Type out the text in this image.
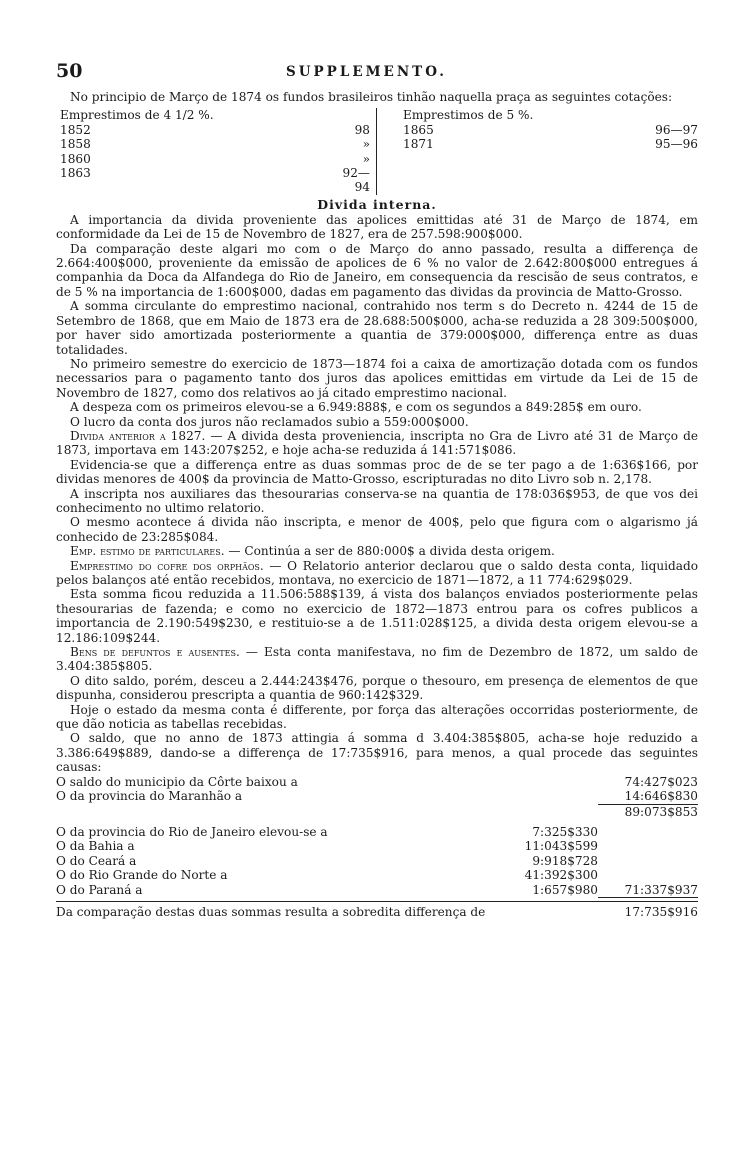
50	SUPPLEMENTO.

No principio de Março de 1874 os fundos brasileiros tinhão naquella praça as seguintes cotações:

Emprestimos de 4 1/2 %.
1852	98
1858	»
1860	»
1863	92—94
Emprestimos de 5 %.
1865	96—97
1871	95—96
Divida interna.

A importancia da divida proveniente das apolices emittidas até 31 de Março de 1874, em conformidade da Lei de 15 de Novembro de 1827, era de 257.598:900$000.

Da comparação deste algari mo com o de Março do anno passado, resulta a differença de 2.664:400$000, proveniente da emissão de apolices de 6 % no valor de 2.642:800$000 entregues á companhia da Doca da Alfandega do Rio de Janeiro, em consequencia da rescisão de seus contratos, e de 5 % na importancia de 1:600$000, dadas em pagamento das dividas da provincia de Matto-Grosso.

A somma circulante do emprestimo nacional, contrahido nos term s do Decreto n. 4244 de 15 de Setembro de 1868, que em Maio de 1873 era de 28.688:500$000, acha-se reduzida a 28 309:500$000, por haver sido amortizada posteriormente a quantia de 379:000$000, differença entre as duas totalidades.

No primeiro semestre do exercicio de 1873—1874 foi a caixa de amortização dotada com os fundos necessarios para o pagamento tanto dos juros das apolices emittidas em virtude da Lei de 15 de Novembro de 1827, como dos relativos ao já citado emprestimo nacional.

A despeza com os primeiros elevou-se a 6.949:888$, e com os segundos a 849:285$ em ouro.

O lucro da conta dos juros não reclamados subio a 559:000$000.

Divida anterior a 1827. — A divida desta proveniencia, inscripta no Gra de Livro até 31 de Março de 1873, importava em 143:207$252, e hoje acha-se reduzida á 141:571$086.

Evidencia-se que a differença entre as duas sommas proc de de se ter pago a de 1:636$166, por dividas menores de 400$ da provincia de Matto-Grosso, escripturadas no dito Livro sob n. 2,178.

A inscripta nos auxiliares das thesourarias conserva-se na quantia de 178:036$953, de que vos dei conhecimento no ultimo relatorio.

O mesmo acontece á divida não inscripta, e menor de 400$, pelo que figura com o algarismo já conhecido de 23:285$084.

Emp. estimo de particulares. — Continúa a ser de 880:000$ a divida desta origem.

Emprestimo do cofre dos orphãos. — O Relatorio anterior declarou que o saldo desta conta, liquidado pelos balanços até então recebidos, montava, no exercicio de 1871—1872, a 11 774:629$029.

Esta somma ficou reduzida a 11.506:588$139, á vista dos balanços enviados posteriormente pelas thesourarias de fazenda; e como no exercicio de 1872—1873 entrou para os cofres publicos a importancia de 2.190:549$230, e restituio-se a de 1.511:028$125, a divida desta origem elevou-se a 12.186:109$244.

Bens de defuntos e ausentes. — Esta conta manifestava, no fim de Dezembro de 1872, um saldo de 3.404:385$805.

O dito saldo, porém, desceu a 2.444:243$476, porque o thesouro, em presença de elementos de que dispunha, considerou prescripta a quantia de 960:142$329.

Hoje o estado da mesma conta é differente, por força das alterações occorridas posteriormente, de que dão noticia as tabellas recebidas.

O saldo, que no anno de 1873 attingia á somma d 3.404:385$805, acha-se hoje reduzido a 3.386:649$889, dando-se a differença de 17:735$916, para menos, a qual procede das seguintes causas:

O saldo do municipio da Côrte baixou a	74:427$023
O da provincia do Maranhão a	14:646$830
89:073$853
O da provincia do Rio de Janeiro elevou-se a	7:325$330
O da Bahia a	11:043$599
O do Ceará a	9:918$728
O do Rio Grande do Norte a	41:392$300
O do Paraná a	1:657$980	71:337$937
Da comparação destas duas sommas resulta a sobredita differença de	17:735$916
